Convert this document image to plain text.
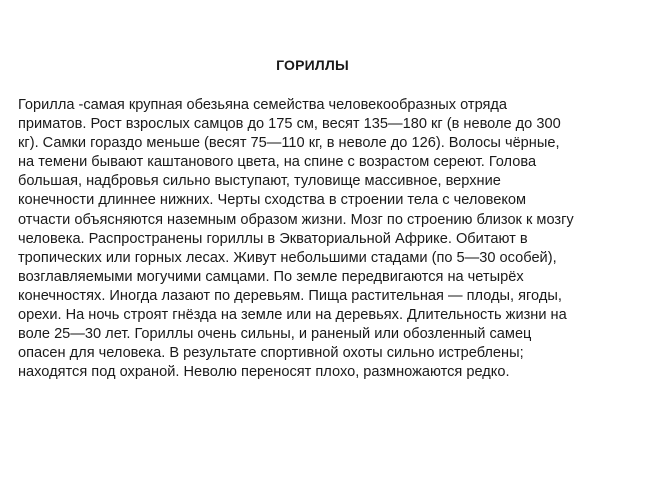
ГОРИЛЛЫ
Горилла -самая крупная обезьяна семейства человекообразных отряда
приматов. Рост взрослых самцов до 175 см, весят 135—180 кг (в неволе до 300
кг). Самки гораздо меньше (весят 75—110 кг, в неволе до 126). Волосы чёрные,
на темени бывают каштанового цвета, на спине с возрастом сереют. Голова
большая, надбровья сильно выступают, туловище массивное, верхние
конечности длиннее нижних. Черты сходства в строении тела с человеком
отчасти объясняются наземным образом жизни. Мозг по строению близок к мозгу
человека. Распространены гориллы в Экваториальной Африке. Обитают в
тропических или горных лесах. Живут небольшими стадами (по 5—30 особей),
возглавляемыми могучими самцами. По земле передвигаются на четырёх
конечностях. Иногда лазают по деревьям. Пища растительная — плоды, ягоды,
орехи. На ночь строят гнёзда на земле или на деревьях. Длительность жизни на
воле 25—30 лет. Гориллы очень сильны, и раненый или обозленный самец
опасен для человека. В результате спортивной охоты сильно истреблены;
находятся под охраной. Неволю переносят плохо, размножаются редко.
